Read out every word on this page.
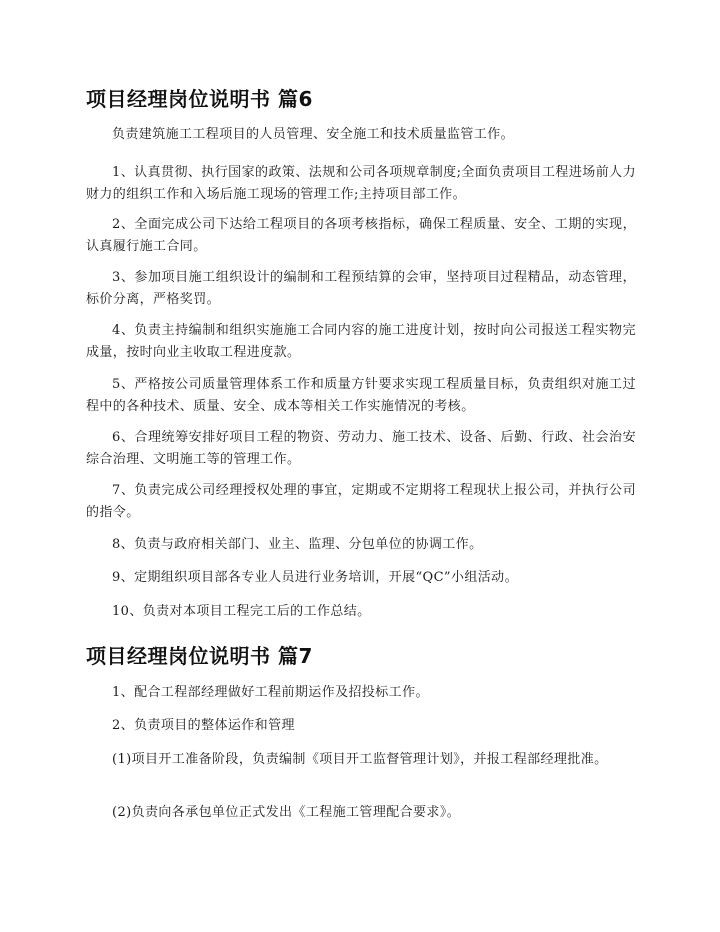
项目经理岗位说明书 篇6

负责建筑施工工程项目的人员管理、安全施工和技术质量监管工作。

1、认真贯彻、执行国家的政策、法规和公司各项规章制度;全面负责项目工程进场前人力财力的组织工作和入场后施工现场的管理工作;主持项目部工作。

2、全面完成公司下达给工程项目的各项考核指标，确保工程质量、安全、工期的实现，认真履行施工合同。

3、参加项目施工组织设计的编制和工程预结算的会审，坚持项目过程精品，动态管理，标价分离，严格奖罚。

4、负责主持编制和组织实施施工合同内容的施工进度计划，按时向公司报送工程实物完成量，按时向业主收取工程进度款。

5、严格按公司质量管理体系工作和质量方针要求实现工程质量目标，负责组织对施工过程中的各种技术、质量、安全、成本等相关工作实施情况的考核。

6、合理统筹安排好项目工程的物资、劳动力、施工技术、设备、后勤、行政、社会治安综合治理、文明施工等的管理工作。

7、负责完成公司经理授权处理的事宜，定期或不定期将工程现状上报公司，并执行公司的指令。

8、负责与政府相关部门、业主、监理、分包单位的协调工作。

9、定期组织项目部各专业人员进行业务培训，开展“QC”小组活动。

10、负责对本项目工程完工后的工作总结。

项目经理岗位说明书 篇7

1、配合工程部经理做好工程前期运作及招投标工作。

2、负责项目的整体运作和管理

(1)项目开工准备阶段，负责编制《项目开工监督管理计划》，并报工程部经理批准。

(2)负责向各承包单位正式发出《工程施工管理配合要求》。
